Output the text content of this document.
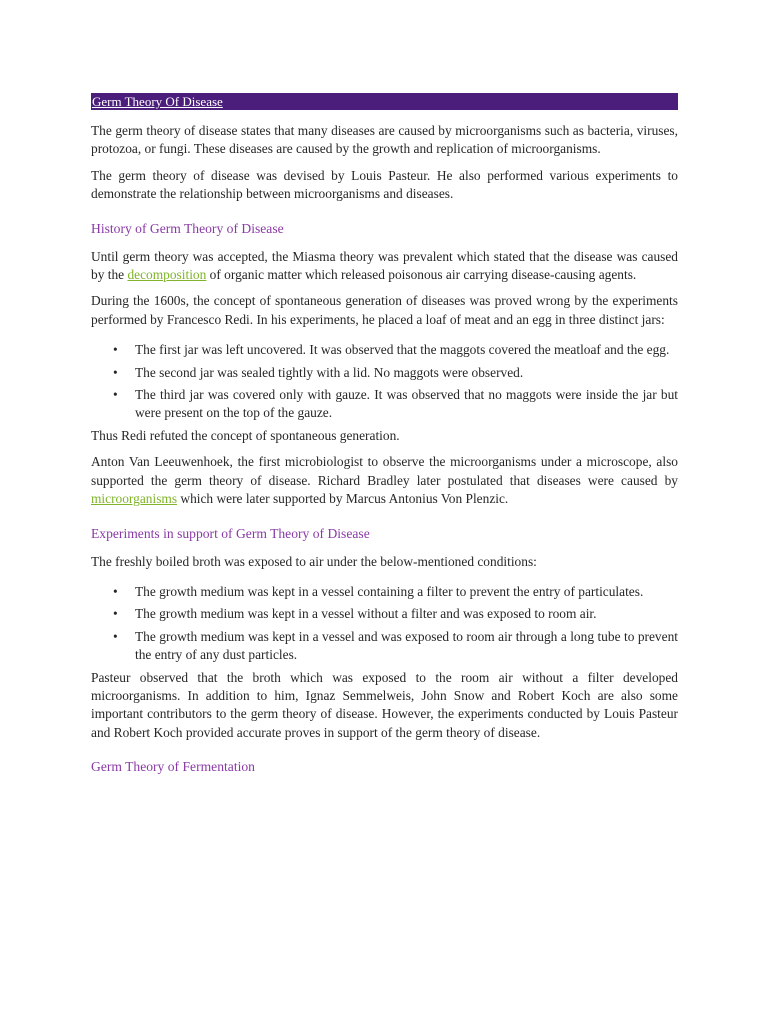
Germ Theory Of Disease

The germ theory of disease states that many diseases are caused by microorganisms such as bacteria, viruses, protozoa, or fungi. These diseases are caused by the growth and replication of microorganisms.

The germ theory of disease was devised by Louis Pasteur. He also performed various experiments to demonstrate the relationship between microorganisms and diseases.

History of Germ Theory of Disease

Until germ theory was accepted, the Miasma theory was prevalent which stated that the disease was caused by the decomposition of organic matter which released poisonous air carrying disease-causing agents.

During the 1600s, the concept of spontaneous generation of diseases was proved wrong by the experiments performed by Francesco Redi. In his experiments, he placed a loaf of meat and an egg in three distinct jars:

• The first jar was left uncovered. It was observed that the maggots covered the meatloaf and the egg.
• The second jar was sealed tightly with a lid. No maggots were observed.
• The third jar was covered only with gauze. It was observed that no maggots were inside the jar but were present on the top of the gauze.

Thus Redi refuted the concept of spontaneous generation.

Anton Van Leeuwenhoek, the first microbiologist to observe the microorganisms under a microscope, also supported the germ theory of disease. Richard Bradley later postulated that diseases were caused by microorganisms which were later supported by Marcus Antonius Von Plenzic.

Experiments in support of Germ Theory of Disease

The freshly boiled broth was exposed to air under the below-mentioned conditions:

• The growth medium was kept in a vessel containing a filter to prevent the entry of particulates.
• The growth medium was kept in a vessel without a filter and was exposed to room air.
• The growth medium was kept in a vessel and was exposed to room air through a long tube to prevent the entry of any dust particles.

Pasteur observed that the broth which was exposed to the room air without a filter developed microorganisms. In addition to him, Ignaz Semmelweis, John Snow and Robert Koch are also some important contributors to the germ theory of disease. However, the experiments conducted by Louis Pasteur and Robert Koch provided accurate proves in support of the germ theory of disease.

Germ Theory of Fermentation
